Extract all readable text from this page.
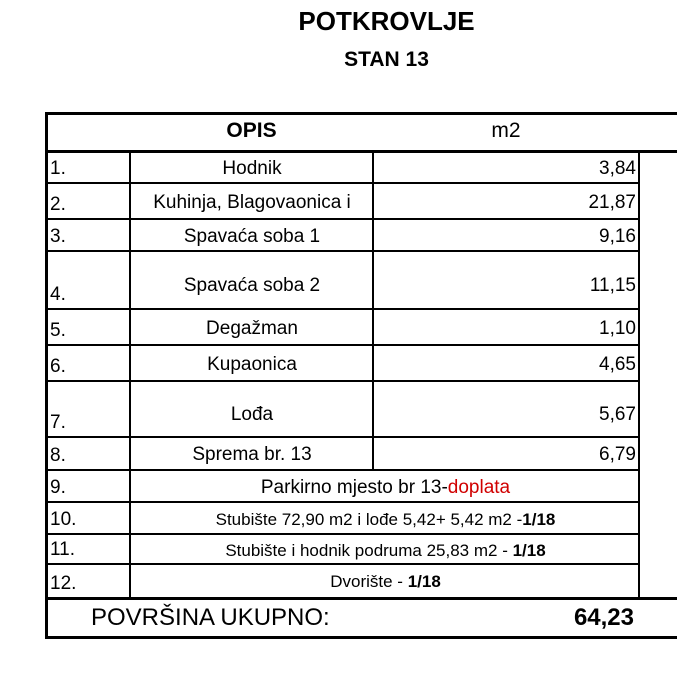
POTKROVLJE
STAN 13
OPIS	m2
1.	Hodnik	3,84
2.	Kuhinja, Blagovaonica i	21,87
3.	Spavaća soba 1	9,16
4.	Spavaća soba 2	11,15
5.	Degažman	1,10
6.	Kupaonica	4,65
7.	Lođa	5,67
8.	Sprema br. 13	6,79
9.	Parkirno mjesto br 13-doplata
10.	Stubište 72,90 m2 i lođe 5,42+ 5,42 m2 -1/18
11.	Stubište i hodnik podruma 25,83 m2 - 1/18
12.	Dvorište - 1/18
POVRŠINA UKUPNO:	64,23
